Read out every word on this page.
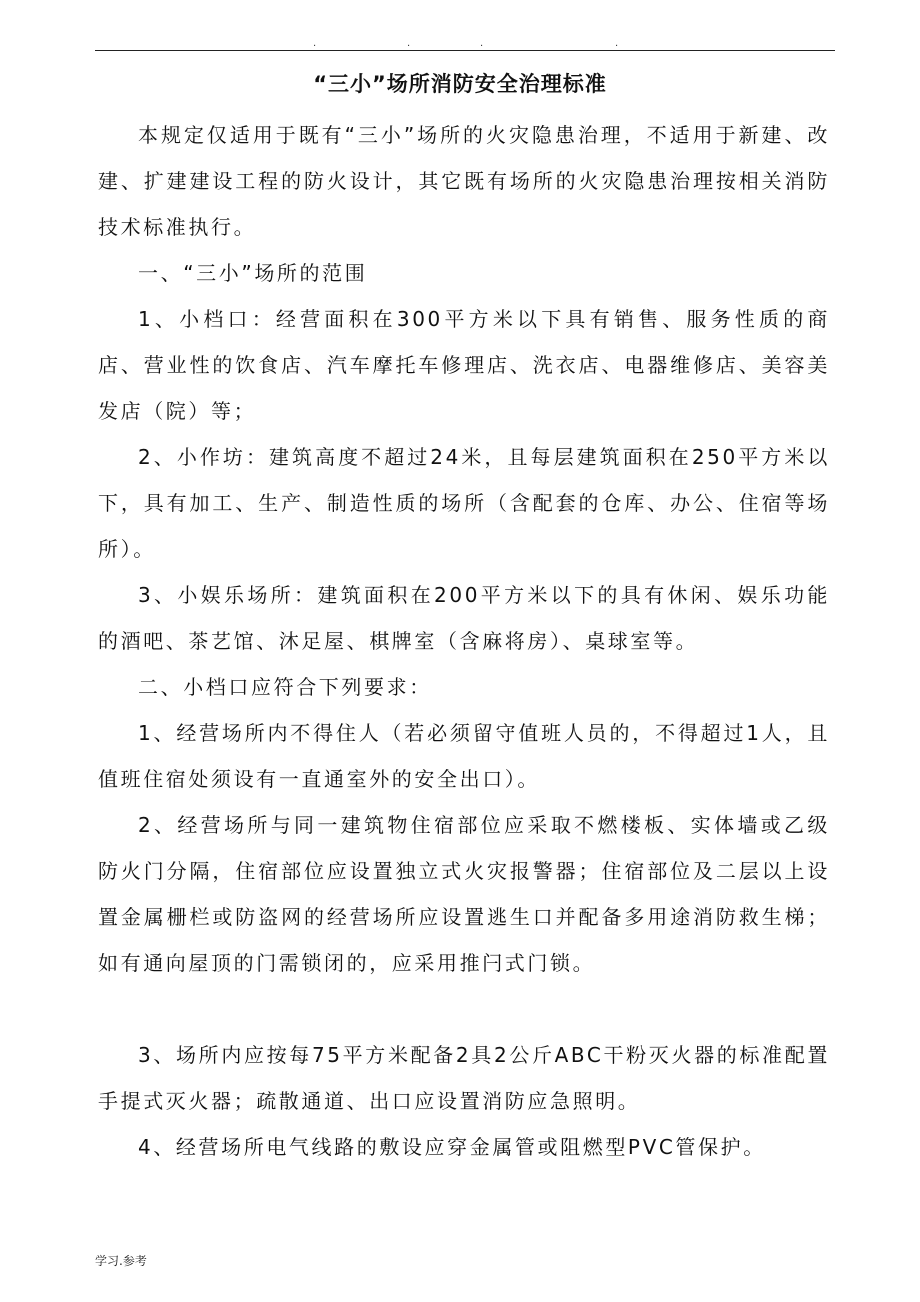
.	.	.	.
“三小”场所消防安全治理标准

本规定仅适用于既有“三小”场所的火灾隐患治理，不适用于新建、改建、扩建建设工程的防火设计，其它既有场所的火灾隐患治理按相关消防技术标准执行。

一、“三小”场所的范围

1、小档口：经营面积在300平方米以下具有销售、服务性质的商店、营业性的饮食店、汽车摩托车修理店、洗衣店、电器维修店、美容美发店（院）等；

2、小作坊：建筑高度不超过24米，且每层建筑面积在250平方米以下，具有加工、生产、制造性质的场所（含配套的仓库、办公、住宿等场所）。

3、小娱乐场所：建筑面积在200平方米以下的具有休闲、娱乐功能的酒吧、茶艺馆、沐足屋、棋牌室（含麻将房）、桌球室等。

二、小档口应符合下列要求：

1、经营场所内不得住人（若必须留守值班人员的，不得超过1人，且值班住宿处须设有一直通室外的安全出口）。

2、经营场所与同一建筑物住宿部位应采取不燃楼板、实体墙或乙级防火门分隔，住宿部位应设置独立式火灾报警器；住宿部位及二层以上设置金属栅栏或防盗网的经营场所应设置逃生口并配备多用途消防救生梯；如有通向屋顶的门需锁闭的，应采用推闩式门锁。

3、场所内应按每75平方米配备2具2公斤ABC干粉灭火器的标准配置手提式灭火器；疏散通道、出口应设置消防应急照明。

4、经营场所电气线路的敷设应穿金属管或阻燃型PVC管保护。

学习.参考
